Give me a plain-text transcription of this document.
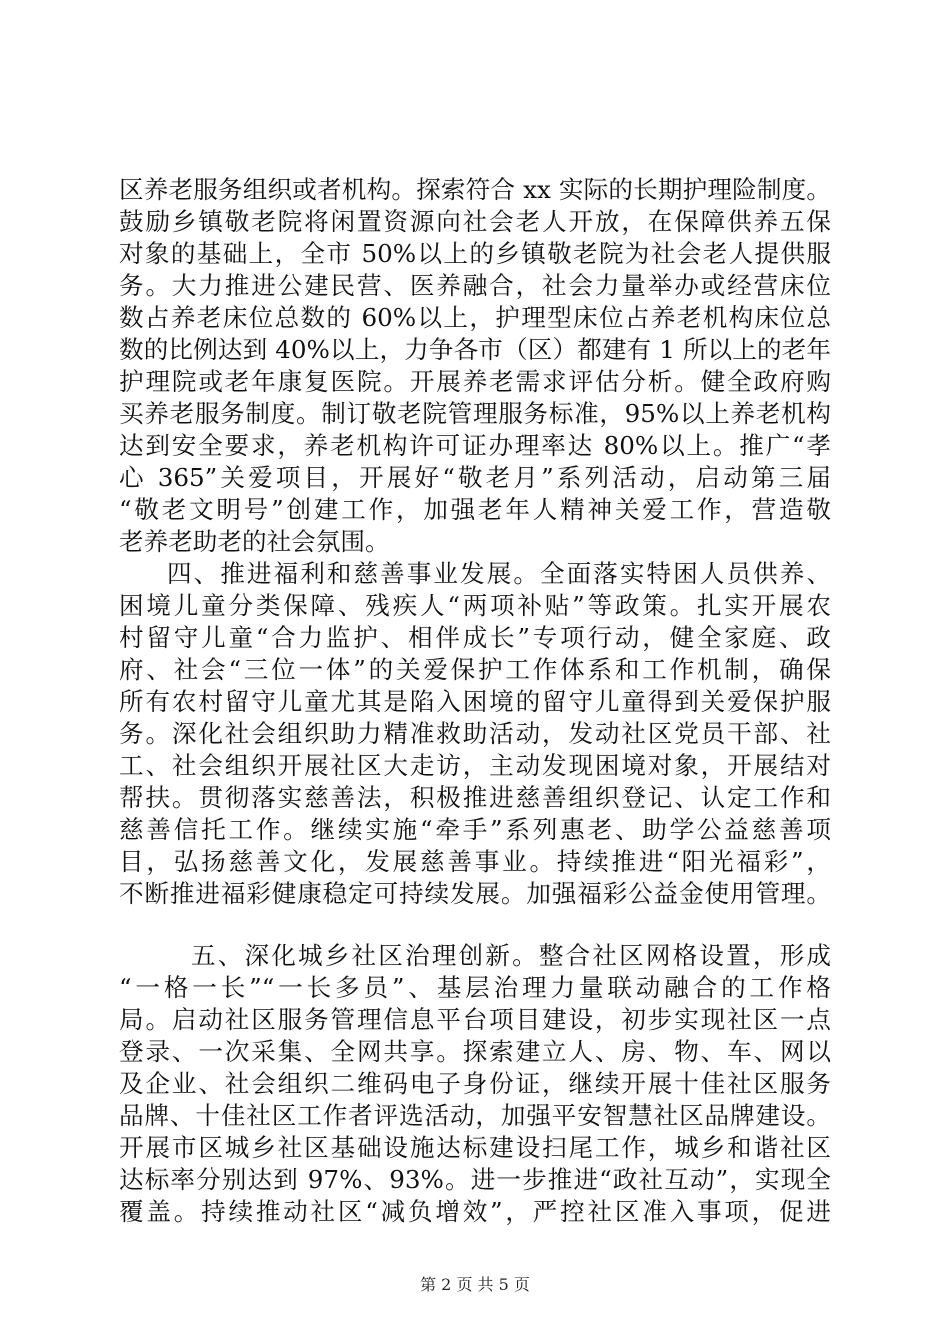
区养老服务组织或者机构。探索符合 xx 实际的长期护理险制度。
鼓励乡镇敬老院将闲置资源向社会老人开放，在保障供养五保
对象的基础上，全市 50%以上的乡镇敬老院为社会老人提供服
务。大力推进公建民营、医养融合，社会力量举办或经营床位
数占养老床位总数的 60%以上，护理型床位占养老机构床位总
数的比例达到 40%以上，力争各市（区）都建有 1 所以上的老年
护理院或老年康复医院。开展养老需求评估分析。健全政府购
买养老服务制度。制订敬老院管理服务标准，95%以上养老机构
达到安全要求，养老机构许可证办理率达 80%以上。推广“孝
心 365”关爱项目，开展好“敬老月”系列活动，启动第三届
“敬老文明号”创建工作，加强老年人精神关爱工作，营造敬
老养老助老的社会氛围。
四、推进福利和慈善事业发展。全面落实特困人员供养、
困境儿童分类保障、残疾人“两项补贴”等政策。扎实开展农
村留守儿童“合力监护、相伴成长”专项行动，健全家庭、政
府、社会“三位一体”的关爱保护工作体系和工作机制，确保
所有农村留守儿童尤其是陷入困境的留守儿童得到关爱保护服
务。深化社会组织助力精准救助活动，发动社区党员干部、社
工、社会组织开展社区大走访，主动发现困境对象，开展结对
帮扶。贯彻落实慈善法，积极推进慈善组织登记、认定工作和
慈善信托工作。继续实施“牵手”系列惠老、助学公益慈善项
目，弘扬慈善文化，发展慈善事业。持续推进“阳光福彩”，
不断推进福彩健康稳定可持续发展。加强福彩公益金使用管理。
五、深化城乡社区治理创新。整合社区网格设置，形成
“一格一长”“一长多员”、基层治理力量联动融合的工作格
局。启动社区服务管理信息平台项目建设，初步实现社区一点
登录、一次采集、全网共享。探索建立人、房、物、车、网以
及企业、社会组织二维码电子身份证，继续开展十佳社区服务
品牌、十佳社区工作者评选活动，加强平安智慧社区品牌建设。
开展市区城乡社区基础设施达标建设扫尾工作，城乡和谐社区
达标率分别达到 97%、93%。进一步推进“政社互动”，实现全
覆盖。持续推动社区“减负增效”，严控社区准入事项，促进
第 2 页 共 5 页
